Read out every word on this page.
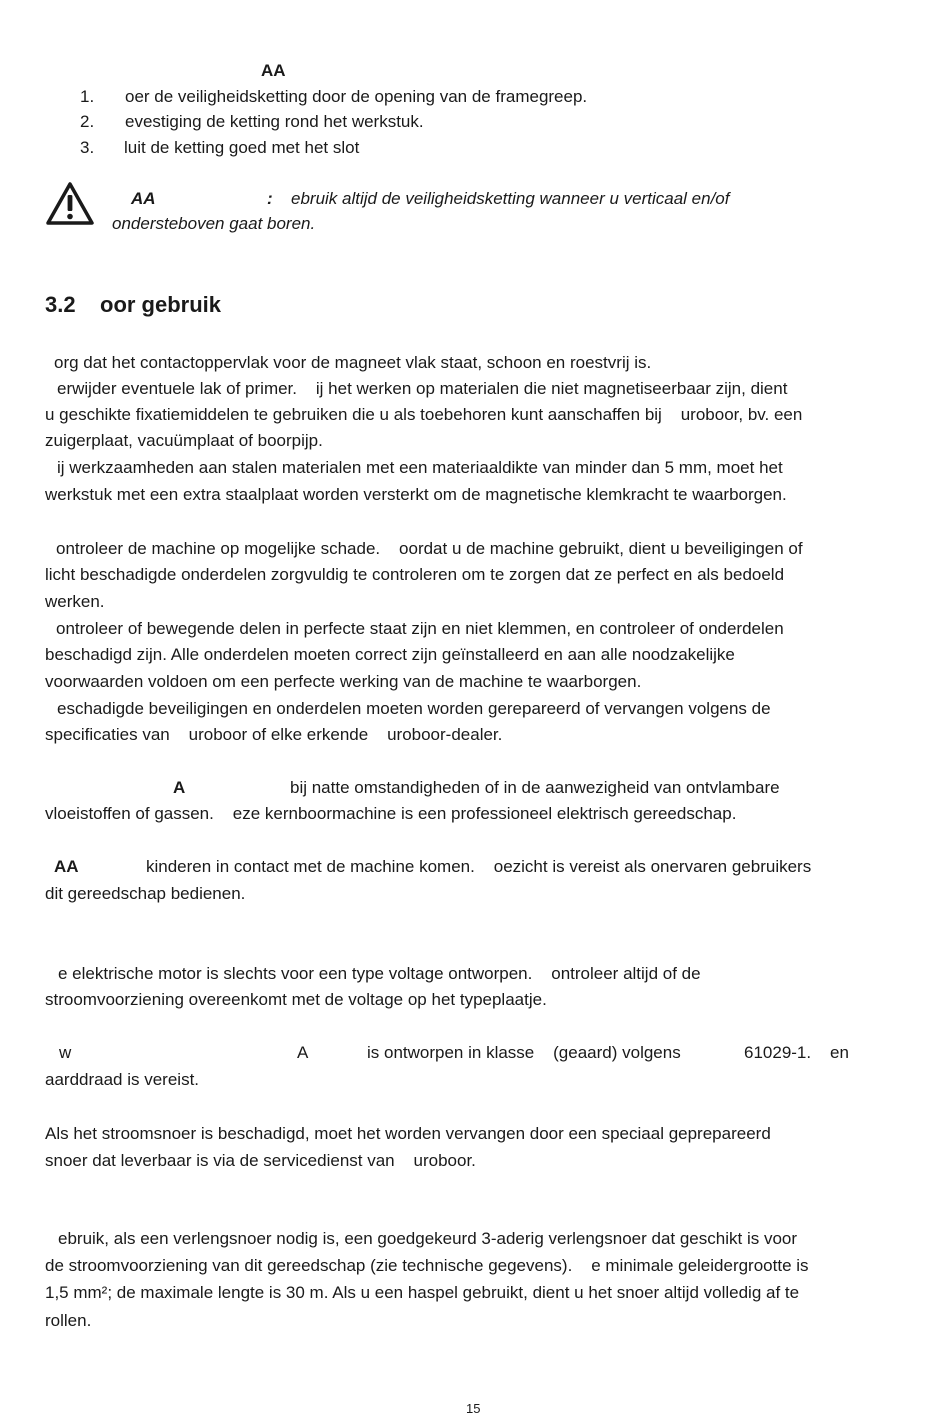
AA
1. oer de veiligheidsketting door de opening van de framegreep.
2. evestiging de ketting rond het werkstuk.
3. luit de ketting goed met het slot
AA	: ebruik altijd de veiligheidsketting wanneer u verticaal en/of
ondersteboven gaat boren.
3.2 oor gebruik
org dat het contactoppervlak voor de magneet vlak staat, schoon en roestvrij is.
erwijder eventuele lak of primer.    ij het werken op materialen die niet magnetiseerbaar zijn, dient
u geschikte fixatiemiddelen te gebruiken die u als toebehoren kunt aanschaffen bij    uroboor, bv. een
zuigerplaat, vacuümplaat of boorpijp.
ij werkzaamheden aan stalen materialen met een materiaaldikte van minder dan 5 mm, moet het
werkstuk met een extra staalplaat worden versterkt om de magnetische klemkracht te waarborgen.
ontroleer de machine op mogelijke schade.    oordat u de machine gebruikt, dient u beveiligingen of
licht beschadigde onderdelen zorgvuldig te controleren om te zorgen dat ze perfect en als bedoeld
werken.
ontroleer of bewegende delen in perfecte staat zijn en niet klemmen, en controleer of onderdelen
beschadigd zijn. Alle onderdelen moeten correct zijn geïnstalleerd en aan alle noodzakelijke
voorwaarden voldoen om een perfecte werking van de machine te waarborgen.
eschadigde beveiligingen en onderdelen moeten worden gerepareerd of vervangen volgens de
specificaties van    uroboor of elke erkende    uroboor-dealer.
A	bij natte omstandigheden of in de aanwezigheid van ontvlambare
vloeistoffen of gassen.    eze kernboormachine is een professioneel elektrisch gereedschap.
AA	kinderen in contact met de machine komen.    oezicht is vereist als onervaren gebruikers
dit gereedschap bedienen.
e elektrische motor is slechts voor een type voltage ontworpen.    ontroleer altijd of de
stroomvoorziening overeenkomt met de voltage op het typeplaatje.
w	A	is ontworpen in klasse    (geaard) volgens	61029-1.    en
aarddraad is vereist.
Als het stroomsnoer is beschadigd, moet het worden vervangen door een speciaal geprepareerd
snoer dat leverbaar is via de servicedienst van    uroboor.
ebruik, als een verlengsnoer nodig is, een goedgekeurd 3-aderig verlengsnoer dat geschikt is voor
de stroomvoorziening van dit gereedschap (zie technische gegevens).    e minimale geleidergrootte is
1,5 mm²; de maximale lengte is 30 m. Als u een haspel gebruikt, dient u het snoer altijd volledig af te
rollen.
15
